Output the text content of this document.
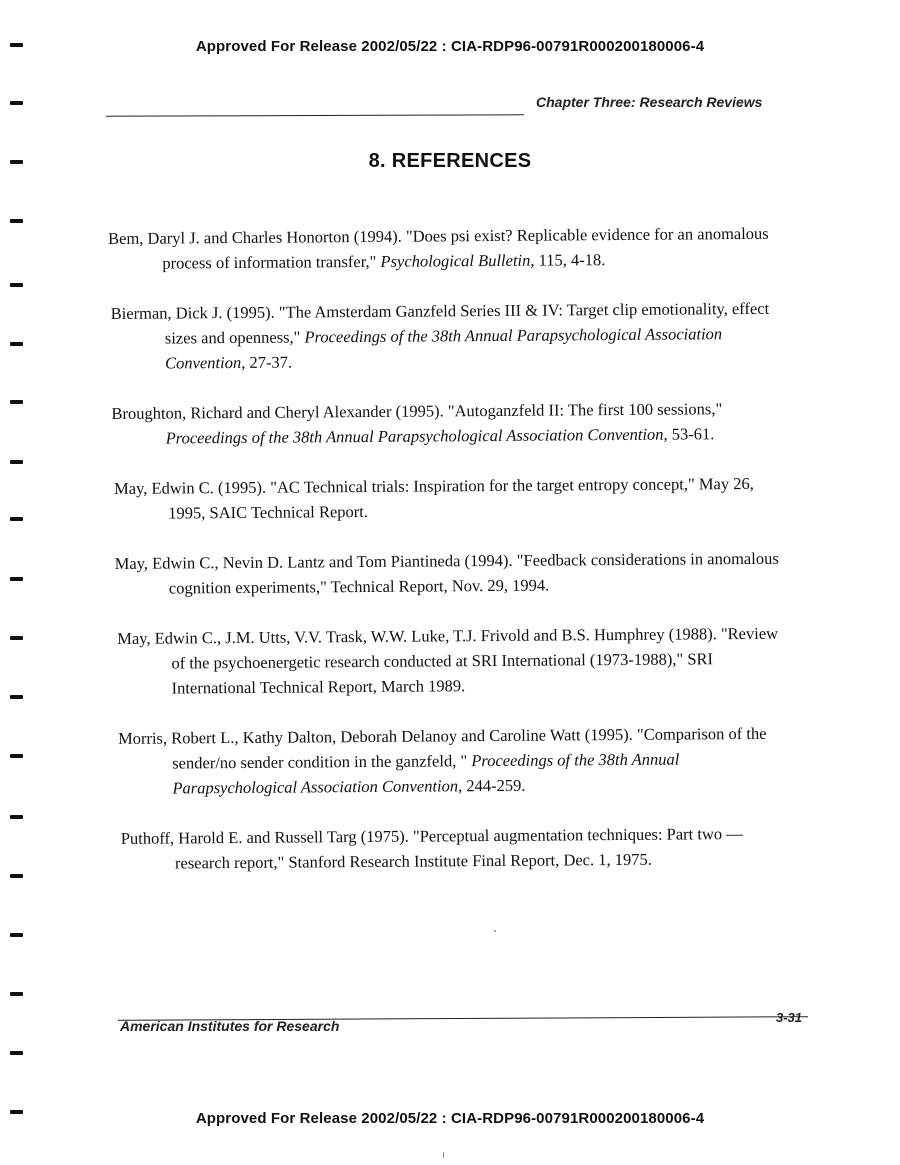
Approved For Release 2002/05/22 : CIA-RDP96-00791R000200180006-4
Chapter Three: Research Reviews
8. REFERENCES
Bem, Daryl J. and Charles Honorton (1994). "Does psi exist? Replicable evidence for an anomalous process of information transfer," Psychological Bulletin, 115, 4-18.
Bierman, Dick J. (1995). "The Amsterdam Ganzfeld Series III & IV: Target clip emotionality, effect sizes and openness," Proceedings of the 38th Annual Parapsychological Association Convention, 27-37.
Broughton, Richard and Cheryl Alexander (1995). "Autoganzfeld II: The first 100 sessions," Proceedings of the 38th Annual Parapsychological Association Convention, 53-61.
May, Edwin C. (1995). "AC Technical trials: Inspiration for the target entropy concept," May 26, 1995, SAIC Technical Report.
May, Edwin C., Nevin D. Lantz and Tom Piantineda (1994). "Feedback considerations in anomalous cognition experiments," Technical Report, Nov. 29, 1994.
May, Edwin C., J.M. Utts, V.V. Trask, W.W. Luke, T.J. Frivold and B.S. Humphrey (1988). "Review of the psychoenergetic research conducted at SRI International (1973-1988)," SRI International Technical Report, March 1989.
Morris, Robert L., Kathy Dalton, Deborah Delanoy and Caroline Watt (1995). "Comparison of the sender/no sender condition in the ganzfeld, " Proceedings of the 38th Annual Parapsychological Association Convention, 244-259.
Puthoff, Harold E. and Russell Targ (1975). "Perceptual augmentation techniques: Part two — research report," Stanford Research Institute Final Report, Dec. 1, 1975.
American Institutes for Research
3-31
Approved For Release 2002/05/22 : CIA-RDP96-00791R000200180006-4
